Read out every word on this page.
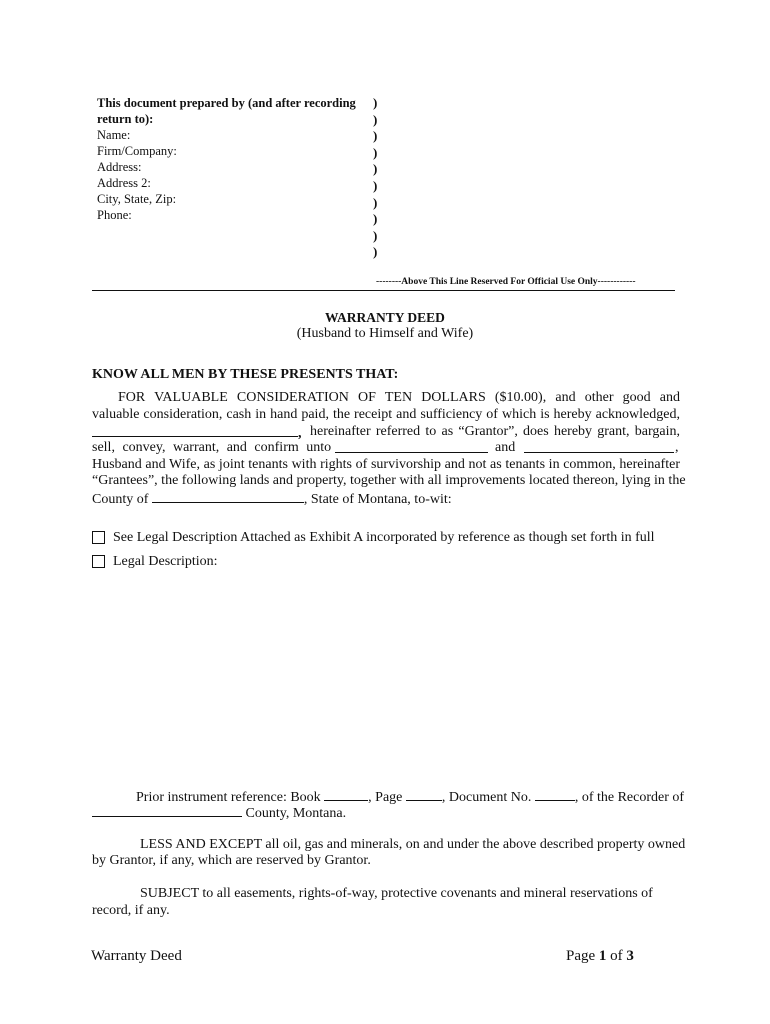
This document prepared by (and after recording
return to):
Name:
Firm/Company:
Address:
Address 2:
City, State, Zip:
Phone:
)
)
)
)
)
)
)
)
)
)
--------Above This Line Reserved For Official Use Only------------
WARRANTY DEED
(Husband to Himself and Wife)
KNOW ALL MEN BY THESE PRESENTS THAT:
FOR VALUABLE CONSIDERATION OF TEN DOLLARS ($10.00), and other good and
valuable consideration, cash in hand paid, the receipt and sufficiency of which is hereby acknowledged,
, hereinafter referred to as “Grantor”, does hereby grant, bargain,
sell, convey, warrant, and confirm unto	and	,
Husband and Wife, as joint tenants with rights of survivorship and not as tenants in common, hereinafter
“Grantees”, the following lands and property, together with all improvements located thereon, lying in the
County of	, State of Montana, to-wit:
See Legal Description Attached as Exhibit A incorporated by reference as though set forth in full
Legal Description:
Prior instrument reference: Book	, Page	, Document No.	, of the Recorder of
County, Montana.
LESS AND EXCEPT all oil, gas and minerals, on and under the above described property owned
by Grantor, if any, which are reserved by Grantor.
SUBJECT to all easements, rights-of-way, protective covenants and mineral reservations of
record, if any.
Warranty Deed	Page 1 of 3
